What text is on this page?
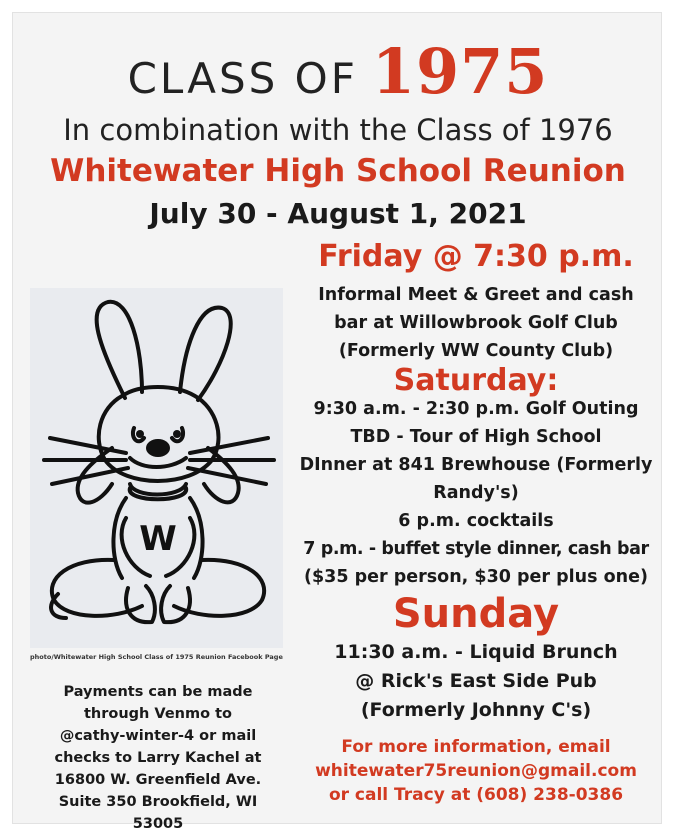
CLASS OF 1975
In combination with the Class of 1976
Whitewater High School Reunion
July 30 - August 1, 2021
Friday @ 7:30 p.m.
Informal Meet & Greet and cash
bar at Willowbrook Golf Club
(Formerly WW County Club)
Saturday:
9:30 a.m. - 2:30 p.m. Golf Outing
TBD - Tour of High School
DInner at 841 Brewhouse (Formerly
Randy's)
6 p.m. cocktails
7 p.m. - buffet style dinner, cash bar
($35 per person, $30 per plus one)
Sunday
11:30 a.m. - Liquid Brunch
@ Rick's East Side Pub
(Formerly Johnny C's)
For more information, email
whitewater75reunion@gmail.com
or call Tracy at (608) 238-0386
W
photo/Whitewater High School Class of 1975 Reunion Facebook Page
Payments can be made
through Venmo to
@cathy-winter-4 or mail
checks to Larry Kachel at
16800 W. Greenfield Ave.
Suite 350 Brookfield, WI
53005
